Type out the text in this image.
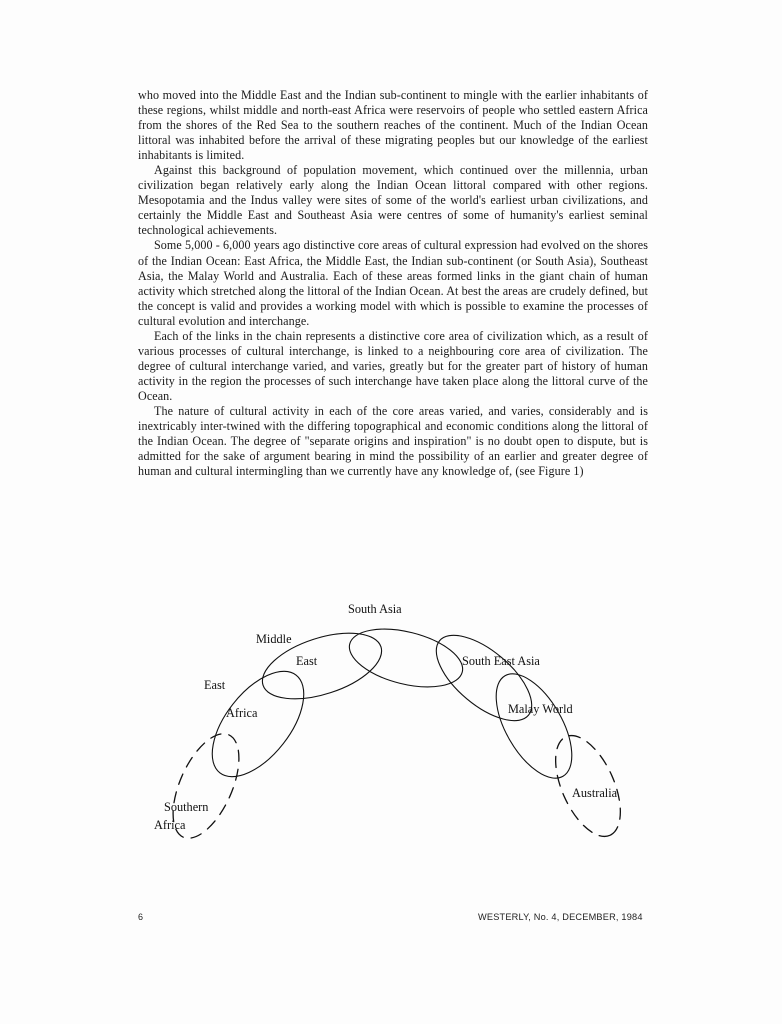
who moved into the Middle East and the Indian sub-continent to mingle with the earlier inhabitants of these regions, whilst middle and north-east Africa were reservoirs of people who settled eastern Africa from the shores of the Red Sea to the southern reaches of the continent. Much of the Indian Ocean littoral was inhabited before the arrival of these migrating peoples but our knowledge of the earliest inhabitants is limited.

Against this background of population movement, which continued over the millennia, urban civilization began relatively early along the Indian Ocean littoral compared with other regions. Mesopotamia and the Indus valley were sites of some of the world's earliest urban civilizations, and certainly the Middle East and Southeast Asia were centres of some of humanity's earliest seminal technological achievements.

Some 5,000 - 6,000 years ago distinctive core areas of cultural expression had evolved on the shores of the Indian Ocean: East Africa, the Middle East, the Indian sub-continent (or South Asia), Southeast Asia, the Malay World and Australia. Each of these areas formed links in the giant chain of human activity which stretched along the littoral of the Indian Ocean. At best the areas are crudely defined, but the concept is valid and provides a working model with which is possible to examine the processes of cultural evolution and interchange.

Each of the links in the chain represents a distinctive core area of civilization which, as a result of various processes of cultural interchange, is linked to a neighbouring core area of civilization. The degree of cultural interchange varied, and varies, greatly but for the greater part of history of human activity in the region the processes of such interchange have taken place along the littoral curve of the Ocean.

The nature of cultural activity in each of the core areas varied, and varies, considerably and is inextricably inter-twined with the differing topographical and economic conditions along the littoral of the Indian Ocean. The degree of "separate origins and inspiration" is no doubt open to dispute, but is admitted for the sake of argument bearing in mind the possibility of an earlier and greater degree of human and cultural intermingling than we currently have any knowledge of, (see Figure 1)

South Asia
Middle
East	South East Asia
East
Africa	Malay World
Australia
Southern
Africa
6	WESTERLY, No. 4, DECEMBER, 1984
